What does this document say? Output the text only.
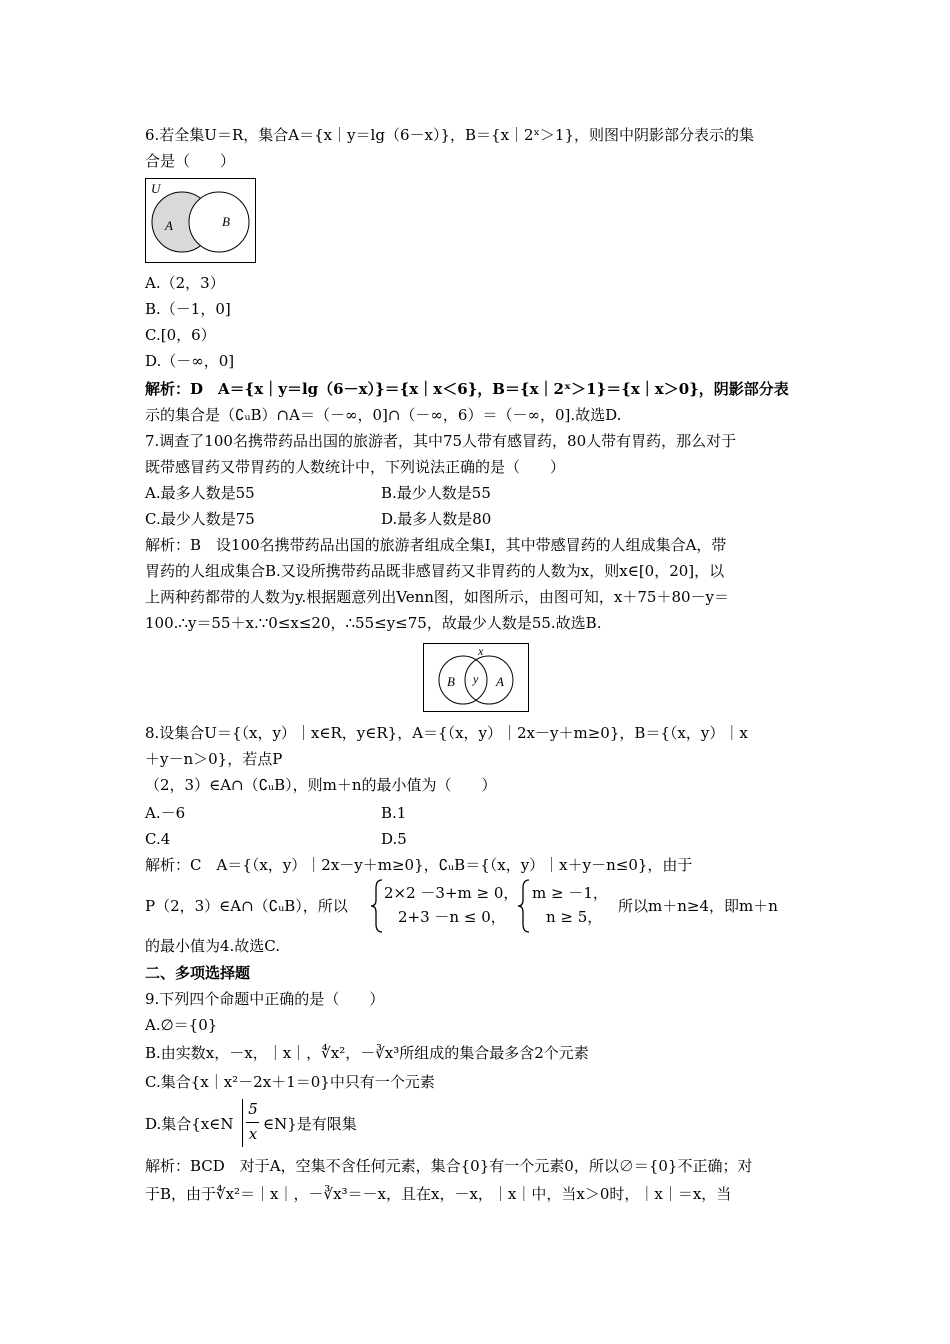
6.若全集U＝R，集合A＝{x｜y＝lg（6－x）}，B＝{x｜2ˣ＞1}，则图中阴影部分表示的集
合是（　　）
U
A	B
A.（2，3）
B.（－1，0]
C.[0，6）
D.（－∞，0]
解析：D　A＝{x｜y＝lg（6－x）}＝{x｜x＜6}，B＝{x｜2ˣ＞1}＝{x｜x＞0}，阴影部分表
示的集合是（∁ᵤB）∩A＝（－∞，0]∩（－∞，6）＝（－∞，0].故选D.
7.调查了100名携带药品出国的旅游者，其中75人带有感冒药，80人带有胃药，那么对于
既带感冒药又带胃药的人数统计中，下列说法正确的是（　　）
A.最多人数是55	B.最少人数是55
C.最少人数是75	D.最多人数是80
解析：B　设100名携带药品出国的旅游者组成全集I，其中带感冒药的人组成集合A，带
胃药的人组成集合B.又设所携带药品既非感冒药又非胃药的人数为x，则x∈[0，20]，以
上两种药都带的人数为y.根据题意列出Venn图，如图所示，由图可知，x＋75＋80－y＝
100.∴y＝55＋x.∵0≤x≤20，∴55≤y≤75，故最少人数是55.故选B.
x
y
B	A
8.设集合U＝{（x，y）｜x∈R，y∈R}，A＝{（x，y）｜2x－y＋m≥0}，B＝{（x，y）｜x
＋y－n＞0}，若点P
（2，3）∈A∩（∁ᵤB），则m＋n的最小值为（　　）
A.－6	B.1
C.4	D.5
解析：C　A＝{（x，y）｜2x－y＋m≥0}，∁ᵤB＝{（x，y）｜x＋y－n≤0}，由于
P（2，3）∈A∩（∁ᵤB），所以
2×2 －3+m ≥ 0，
2+3 －n ≤ 0，
m ≥ －1，
n ≥ 5，
所以m＋n≥4，即m＋n
的最小值为4.故选C.
二、多项选择题
9.下列四个命题中正确的是（　　）
A.∅＝{0}
B.由实数x，－x，｜x｜，∜x²，－∛x³所组成的集合最多含2个元素
C.集合{x｜x²－2x＋1＝0}中只有一个元素
D.集合{x∈N
5
x
∈N}是有限集
解析：BCD　对于A，空集不含任何元素，集合{0}有一个元素0，所以∅＝{0}不正确；对
于B，由于∜x²＝｜x｜，－∛x³＝－x，且在x，－x，｜x｜中，当x＞0时，｜x｜＝x，当
